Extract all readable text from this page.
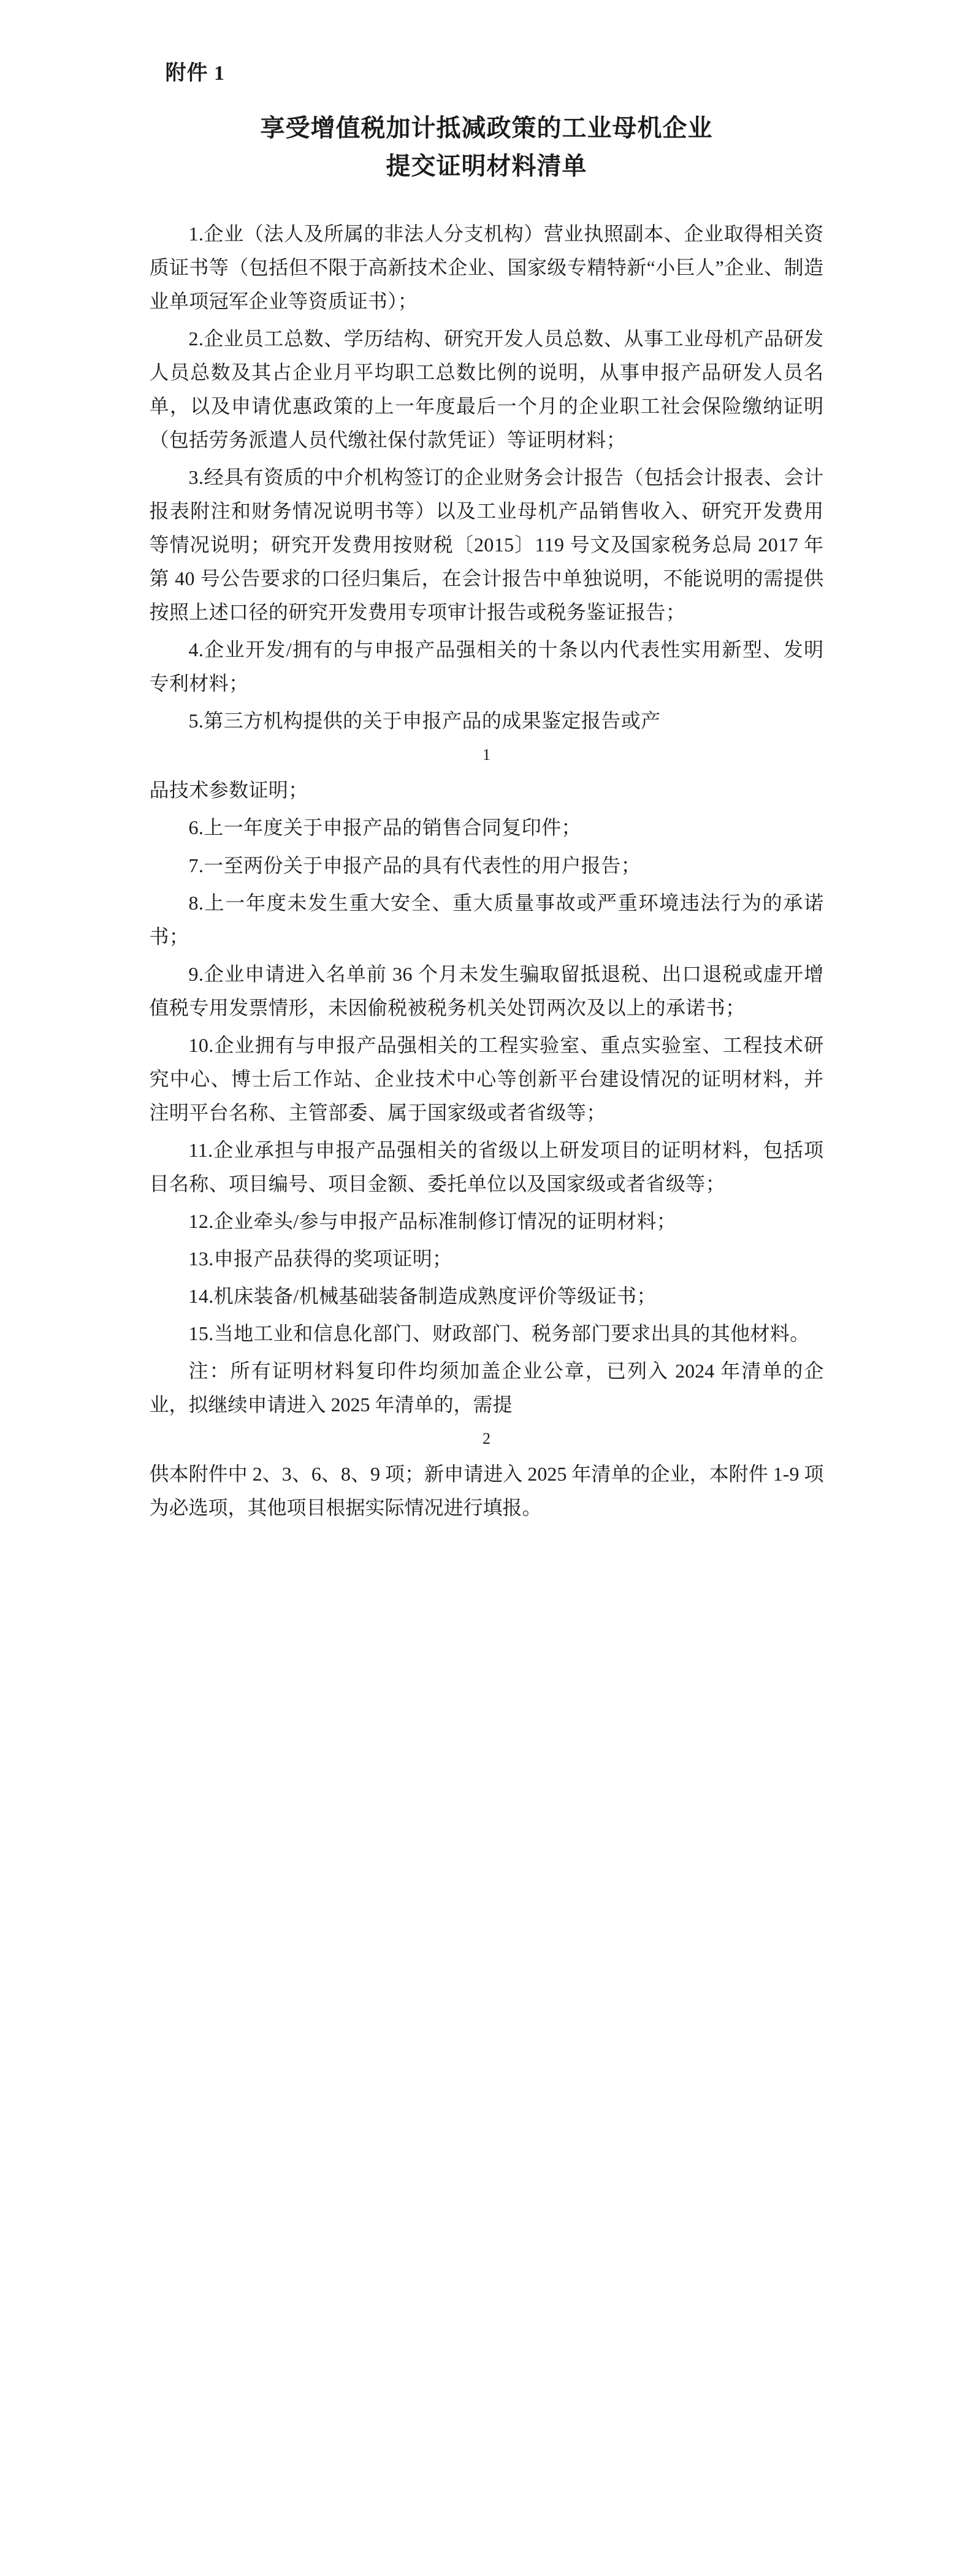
附件 1
享受增值税加计抵减政策的工业母机企业
提交证明材料清单

1.企业（法人及所属的非法人分支机构）营业执照副本、企业取得相关资质证书等（包括但不限于高新技术企业、国家级专精特新“小巨人”企业、制造业单项冠军企业等资质证书）；

2.企业员工总数、学历结构、研究开发人员总数、从事工业母机产品研发人员总数及其占企业月平均职工总数比例的说明，从事申报产品研发人员名单，以及申请优惠政策的上一年度最后一个月的企业职工社会保险缴纳证明（包括劳务派遣人员代缴社保付款凭证）等证明材料；

3.经具有资质的中介机构签订的企业财务会计报告（包括会计报表、会计报表附注和财务情况说明书等）以及工业母机产品销售收入、研究开发费用等情况说明；研究开发费用按财税〔2015〕119 号文及国家税务总局 2017 年第 40 号公告要求的口径归集后，在会计报告中单独说明，不能说明的需提供按照上述口径的研究开发费用专项审计报告或税务鉴证报告；

4.企业开发/拥有的与申报产品强相关的十条以内代表性实用新型、发明专利材料；

5.第三方机构提供的关于申报产品的成果鉴定报告或产

1

品技术参数证明；

6.上一年度关于申报产品的销售合同复印件；

7.一至两份关于申报产品的具有代表性的用户报告；

8.上一年度未发生重大安全、重大质量事故或严重环境违法行为的承诺书；

9.企业申请进入名单前 36 个月未发生骗取留抵退税、出口退税或虚开增值税专用发票情形，未因偷税被税务机关处罚两次及以上的承诺书；

10.企业拥有与申报产品强相关的工程实验室、重点实验室、工程技术研究中心、博士后工作站、企业技术中心等创新平台建设情况的证明材料，并注明平台名称、主管部委、属于国家级或者省级等；

11.企业承担与申报产品强相关的省级以上研发项目的证明材料，包括项目名称、项目编号、项目金额、委托单位以及国家级或者省级等；

12.企业牵头/参与申报产品标准制修订情况的证明材料；

13.申报产品获得的奖项证明；

14.机床装备/机械基础装备制造成熟度评价等级证书；

15.当地工业和信息化部门、财政部门、税务部门要求出具的其他材料。

注：所有证明材料复印件均须加盖企业公章，已列入 2024 年清单的企业，拟继续申请进入 2025 年清单的，需提

2

供本附件中 2、3、6、8、9 项；新申请进入 2025 年清单的企业，本附件 1-9 项为必选项，其他项目根据实际情况进行填报。
